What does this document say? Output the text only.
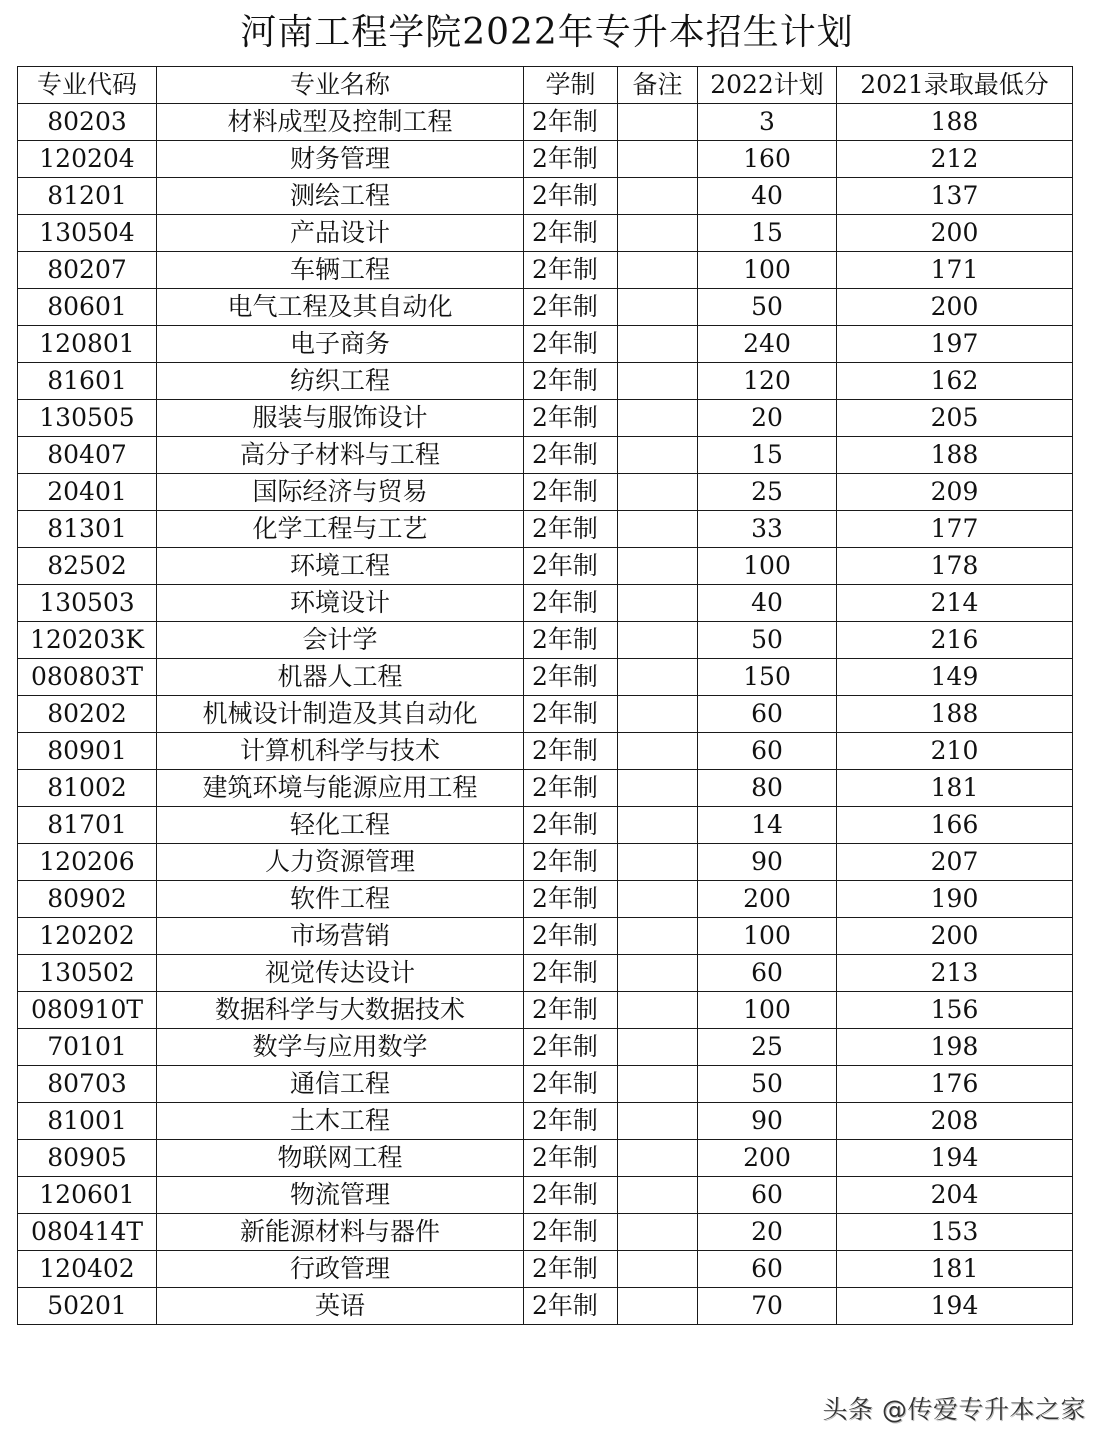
河南工程学院2022年专升本招生计划
专业代码	专业名称	学制	备注	2022计划	2021录取最低分
80203	材料成型及控制工程	2年制		3	188
120204	财务管理	2年制		160	212
81201	测绘工程	2年制		40	137
130504	产品设计	2年制		15	200
80207	车辆工程	2年制		100	171
80601	电气工程及其自动化	2年制		50	200
120801	电子商务	2年制		240	197
81601	纺织工程	2年制		120	162
130505	服装与服饰设计	2年制		20	205
80407	高分子材料与工程	2年制		15	188
20401	国际经济与贸易	2年制		25	209
81301	化学工程与工艺	2年制		33	177
82502	环境工程	2年制		100	178
130503	环境设计	2年制		40	214
120203K	会计学	2年制		50	216
080803T	机器人工程	2年制		150	149
80202	机械设计制造及其自动化	2年制		60	188
80901	计算机科学与技术	2年制		60	210
81002	建筑环境与能源应用工程	2年制		80	181
81701	轻化工程	2年制		14	166
120206	人力资源管理	2年制		90	207
80902	软件工程	2年制		200	190
120202	市场营销	2年制		100	200
130502	视觉传达设计	2年制		60	213
080910T	数据科学与大数据技术	2年制		100	156
70101	数学与应用数学	2年制		25	198
80703	通信工程	2年制		50	176
81001	土木工程	2年制		90	208
80905	物联网工程	2年制		200	194
120601	物流管理	2年制		60	204
080414T	新能源材料与器件	2年制		20	153
120402	行政管理	2年制		60	181
50201	英语	2年制		70	194
头条 @传爱专升本之家
